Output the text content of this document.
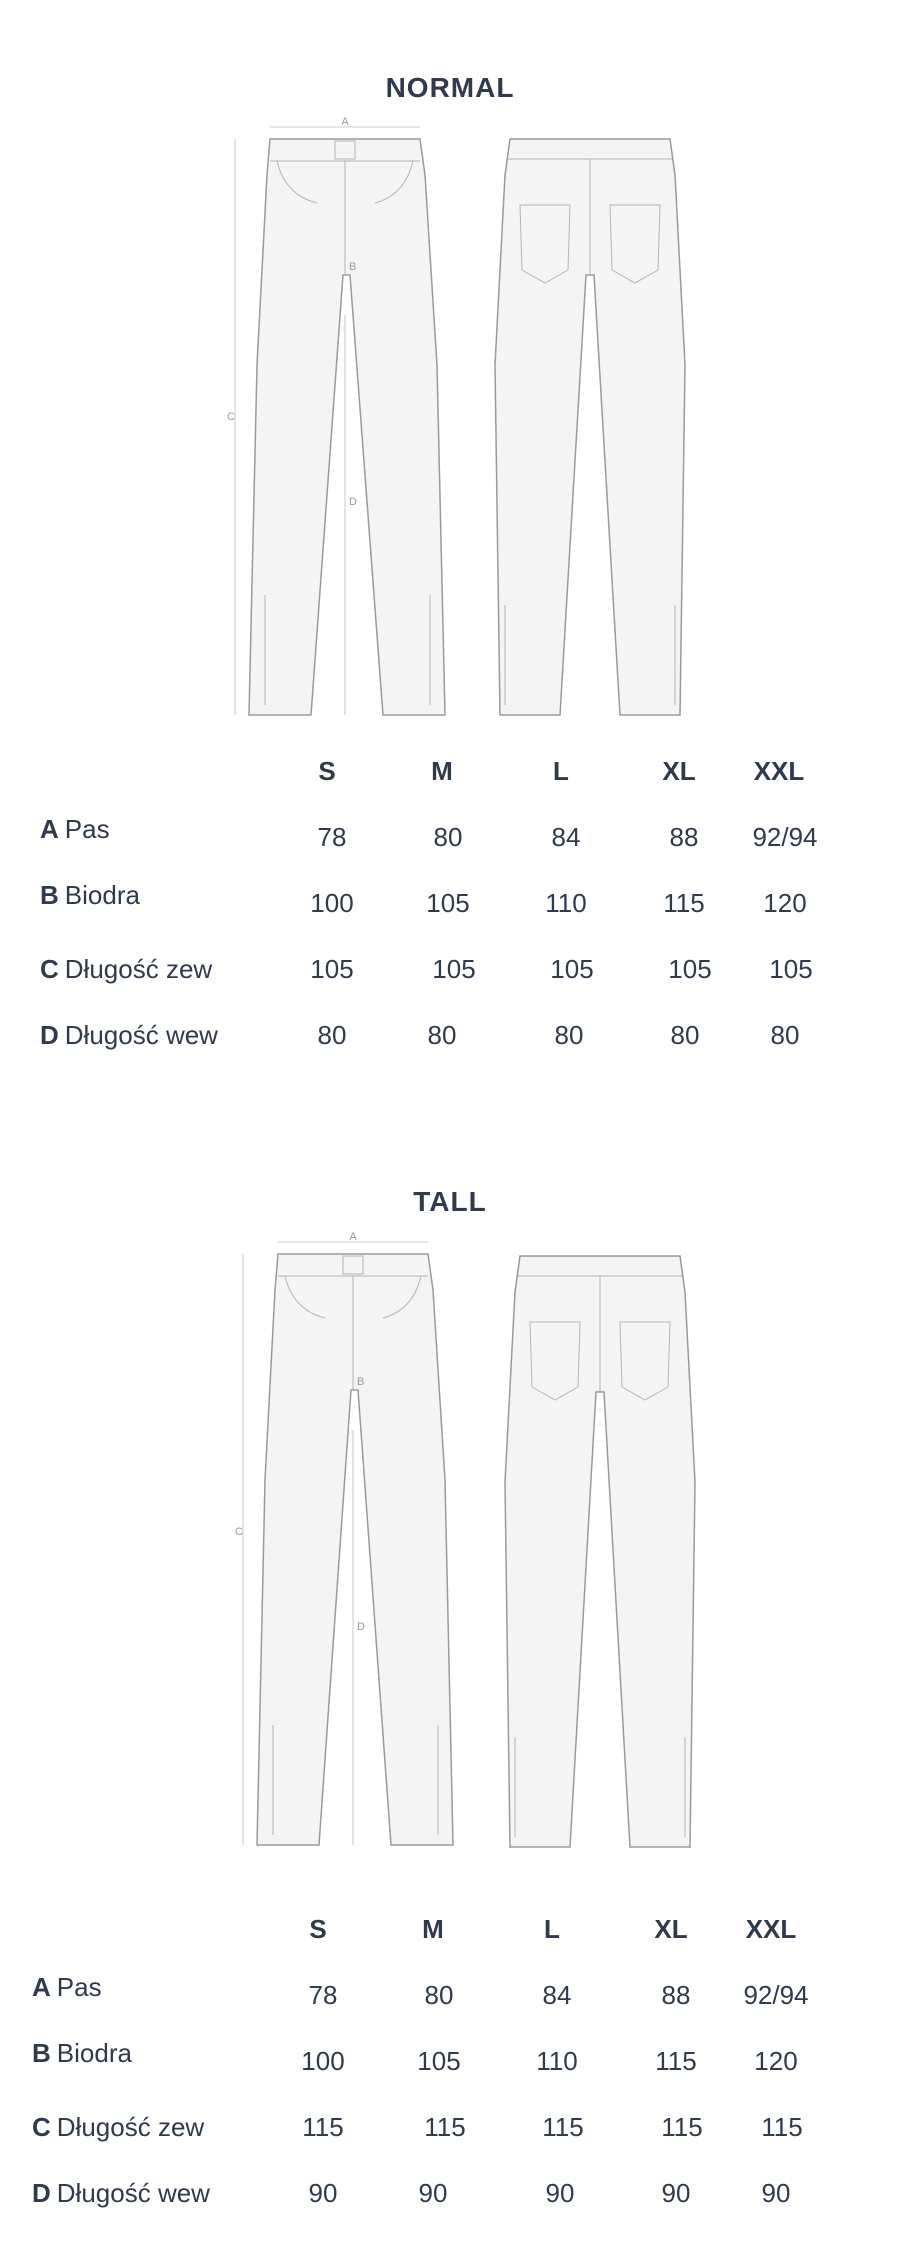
NORMAL
A
B
C
D
S	M	L	XL	XXL
A Pas	78	80	84	88	92/94
B Biodra	100	105	110	115	120
C Długość zew	105	105	105	105	105
D Długość wew	80	80	80	80	80
TALL
A
B
C
D
S	M	L	XL	XXL
A Pas	78	80	84	88	92/94
B Biodra	100	105	110	115	120
C Długość zew	115	115	115	115	115
D Długość wew	90	90	90	90	90
